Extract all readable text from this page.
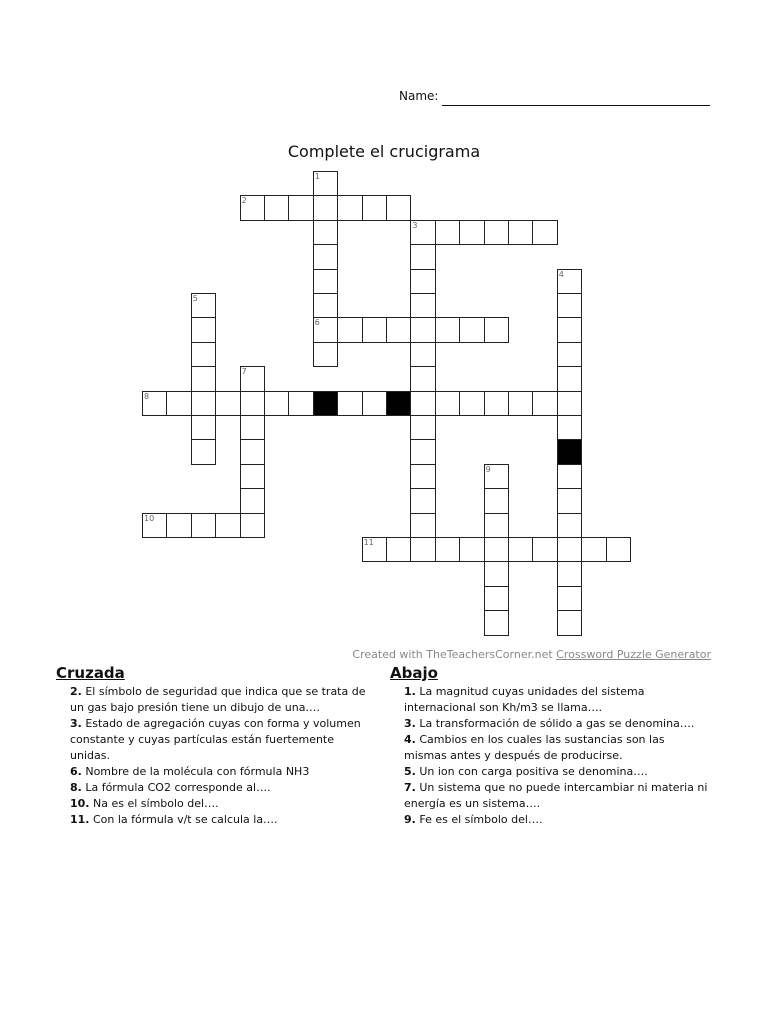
Name:
Complete el crucigrama
1
6
2
3
4
5
7
8
9
10
11
Created with TheTeachersCorner.net Crossword Puzzle Generator
Cruzada
2. El símbolo de seguridad que indica que se trata de un gas bajo presión tiene un dibujo de una….
3. Estado de agregación cuyas con forma y volumen constante y cuyas partículas están fuertemente unidas.
6. Nombre de la molécula con fórmula NH3
8. La fórmula CO2 corresponde al….
10. Na es el símbolo del….
11. Con la fórmula v/t se calcula la….
Abajo
1. La magnitud cuyas unidades del sistema internacional son Kh/m3 se llama….
3. La transformación de sólido a gas se denomina….
4. Cambios en los cuales las sustancias son las mismas antes y después de producirse.
5. Un ion con carga positiva se denomina….
7. Un sistema que no puede intercambiar ni materia ni energía es un sistema….
9. Fe es el símbolo del….
